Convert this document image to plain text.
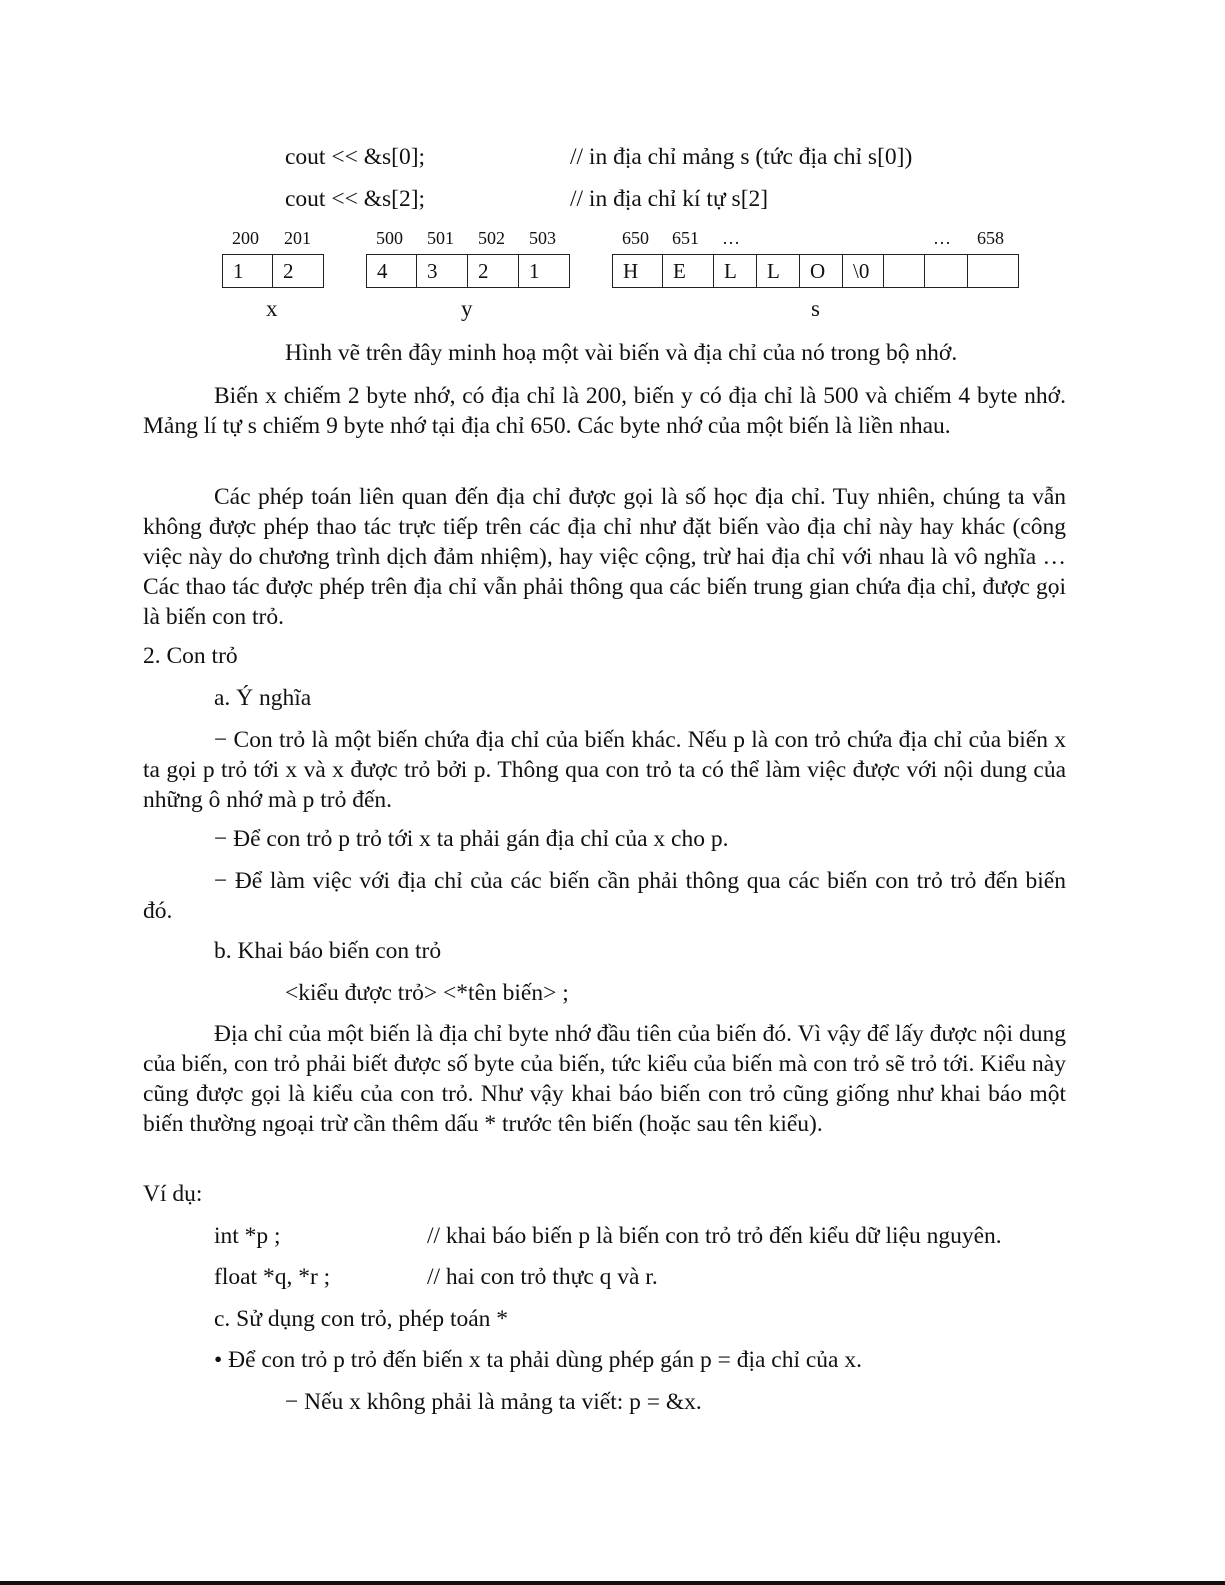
cout << &s[0];	// in địa chỉ mảng s (tức địa chỉ s[0])
cout << &s[2];	// in địa chỉ kí tự s[2]
200 201
1	2
x
500 501 502 503
4	3	2	1
y
650 651 …	… 658
H	E	L	L	O	\0
s
Hình vẽ trên đây minh hoạ một vài biến và địa chỉ của nó trong bộ nhớ.
Biến x chiếm 2 byte nhớ, có địa chỉ là 200, biến y có địa chỉ là 500 và chiếm 4 byte nhớ. Mảng lí tự s chiếm 9 byte nhớ tại địa chỉ 650. Các byte nhớ của một biến là liền nhau.
Các phép toán liên quan đến địa chỉ được gọi là số học địa chỉ. Tuy nhiên, chúng ta vẫn không được phép thao tác trực tiếp trên các địa chỉ như đặt biến vào địa chỉ này hay khác (công việc này do chương trình dịch đảm nhiệm), hay việc cộng, trừ hai địa chỉ với nhau là vô nghĩa … Các thao tác được phép trên địa chỉ vẫn phải thông qua các biến trung gian chứa địa chỉ, được gọi là biến con trỏ.
2. Con trỏ
a. Ý nghĩa
− Con trỏ là một biến chứa địa chỉ của biến khác. Nếu p là con trỏ chứa địa chỉ của biến x ta gọi p trỏ tới x và x được trỏ bởi p. Thông qua con trỏ ta có thể làm việc được với nội dung của những ô nhớ mà p trỏ đến.
− Để con trỏ p trỏ tới x ta phải gán địa chỉ của x cho p.
− Để làm việc với địa chỉ của các biến cần phải thông qua các biến con trỏ trỏ đến biến đó.
b. Khai báo biến con trỏ
<kiểu được trỏ> <*tên biến> ;
Địa chỉ của một biến là địa chỉ byte nhớ đầu tiên của biến đó. Vì vậy để lấy được nội dung của biến, con trỏ phải biết được số byte của biến, tức kiểu của biến mà con trỏ sẽ trỏ tới. Kiểu này cũng được gọi là kiểu của con trỏ. Như vậy khai báo biến con trỏ cũng giống như khai báo một biến thường ngoại trừ cần thêm dấu * trước tên biến (hoặc sau tên kiểu).
Ví dụ:
int *p ;	// khai báo biến p là biến con trỏ trỏ đến kiểu dữ liệu nguyên.
float *q, *r ;	// hai con trỏ thực q và r.
c. Sử dụng con trỏ, phép toán *
• Để con trỏ p trỏ đến biến x ta phải dùng phép gán p = địa chỉ của x.
− Nếu x không phải là mảng ta viết: p = &x.
